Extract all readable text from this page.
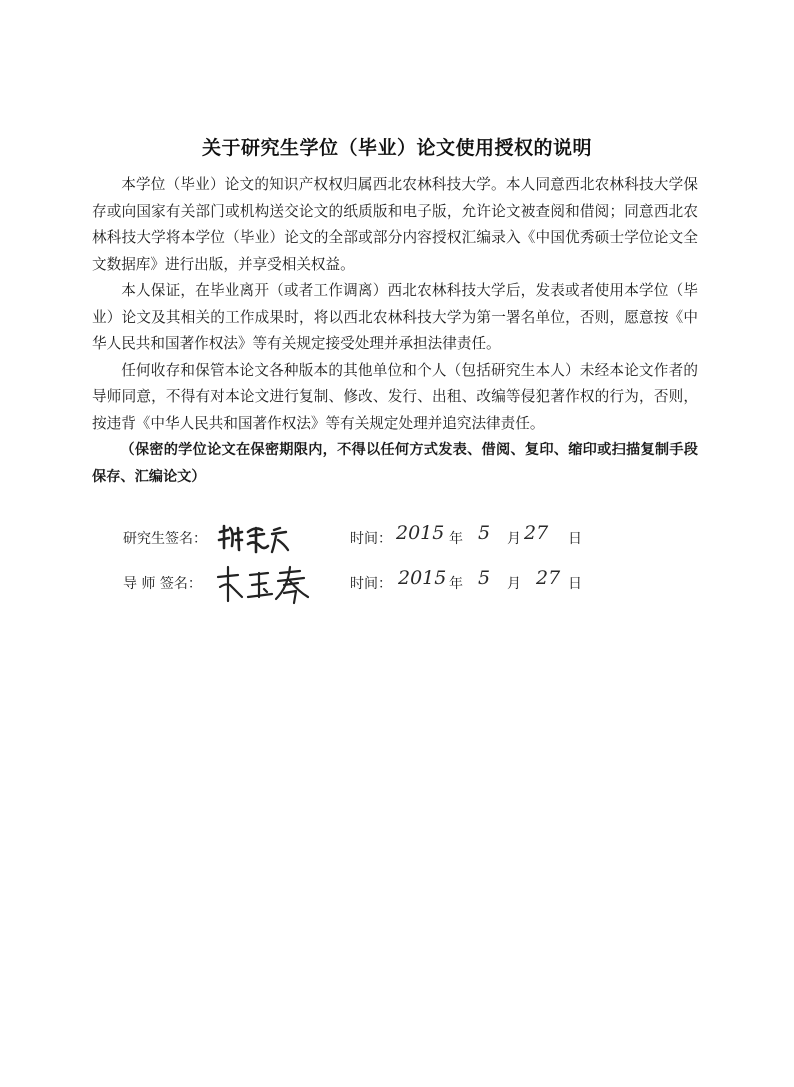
关于研究生学位（毕业）论文使用授权的说明

本学位（毕业）论文的知识产权权归属西北农林科技大学。本人同意西北农林科技大学保存或向国家有关部门或机构送交论文的纸质版和电子版，允许论文被查阅和借阅；同意西北农林科技大学将本学位（毕业）论文的全部或部分内容授权汇编录入《中国优秀硕士学位论文全文数据库》进行出版，并享受相关权益。

本人保证，在毕业离开（或者工作调离）西北农林科技大学后，发表或者使用本学位（毕业）论文及其相关的工作成果时，将以西北农林科技大学为第一署名单位，否则，愿意按《中华人民共和国著作权法》等有关规定接受处理并承担法律责任。

任何收存和保管本论文各种版本的其他单位和个人（包括研究生本人）未经本论文作者的导师同意，不得有对本论文进行复制、修改、发行、出租、改编等侵犯著作权的行为，否则，按违背《中华人民共和国著作权法》等有关规定处理并追究法律责任。

（保密的学位论文在保密期限内，不得以任何方式发表、借阅、复印、缩印或扫描复制手段保存、汇编论文）

研究生签名：	时间： 2015 年 5 月 27 日
导 师 签名：	时间： 2015 年 5 月 27 日
